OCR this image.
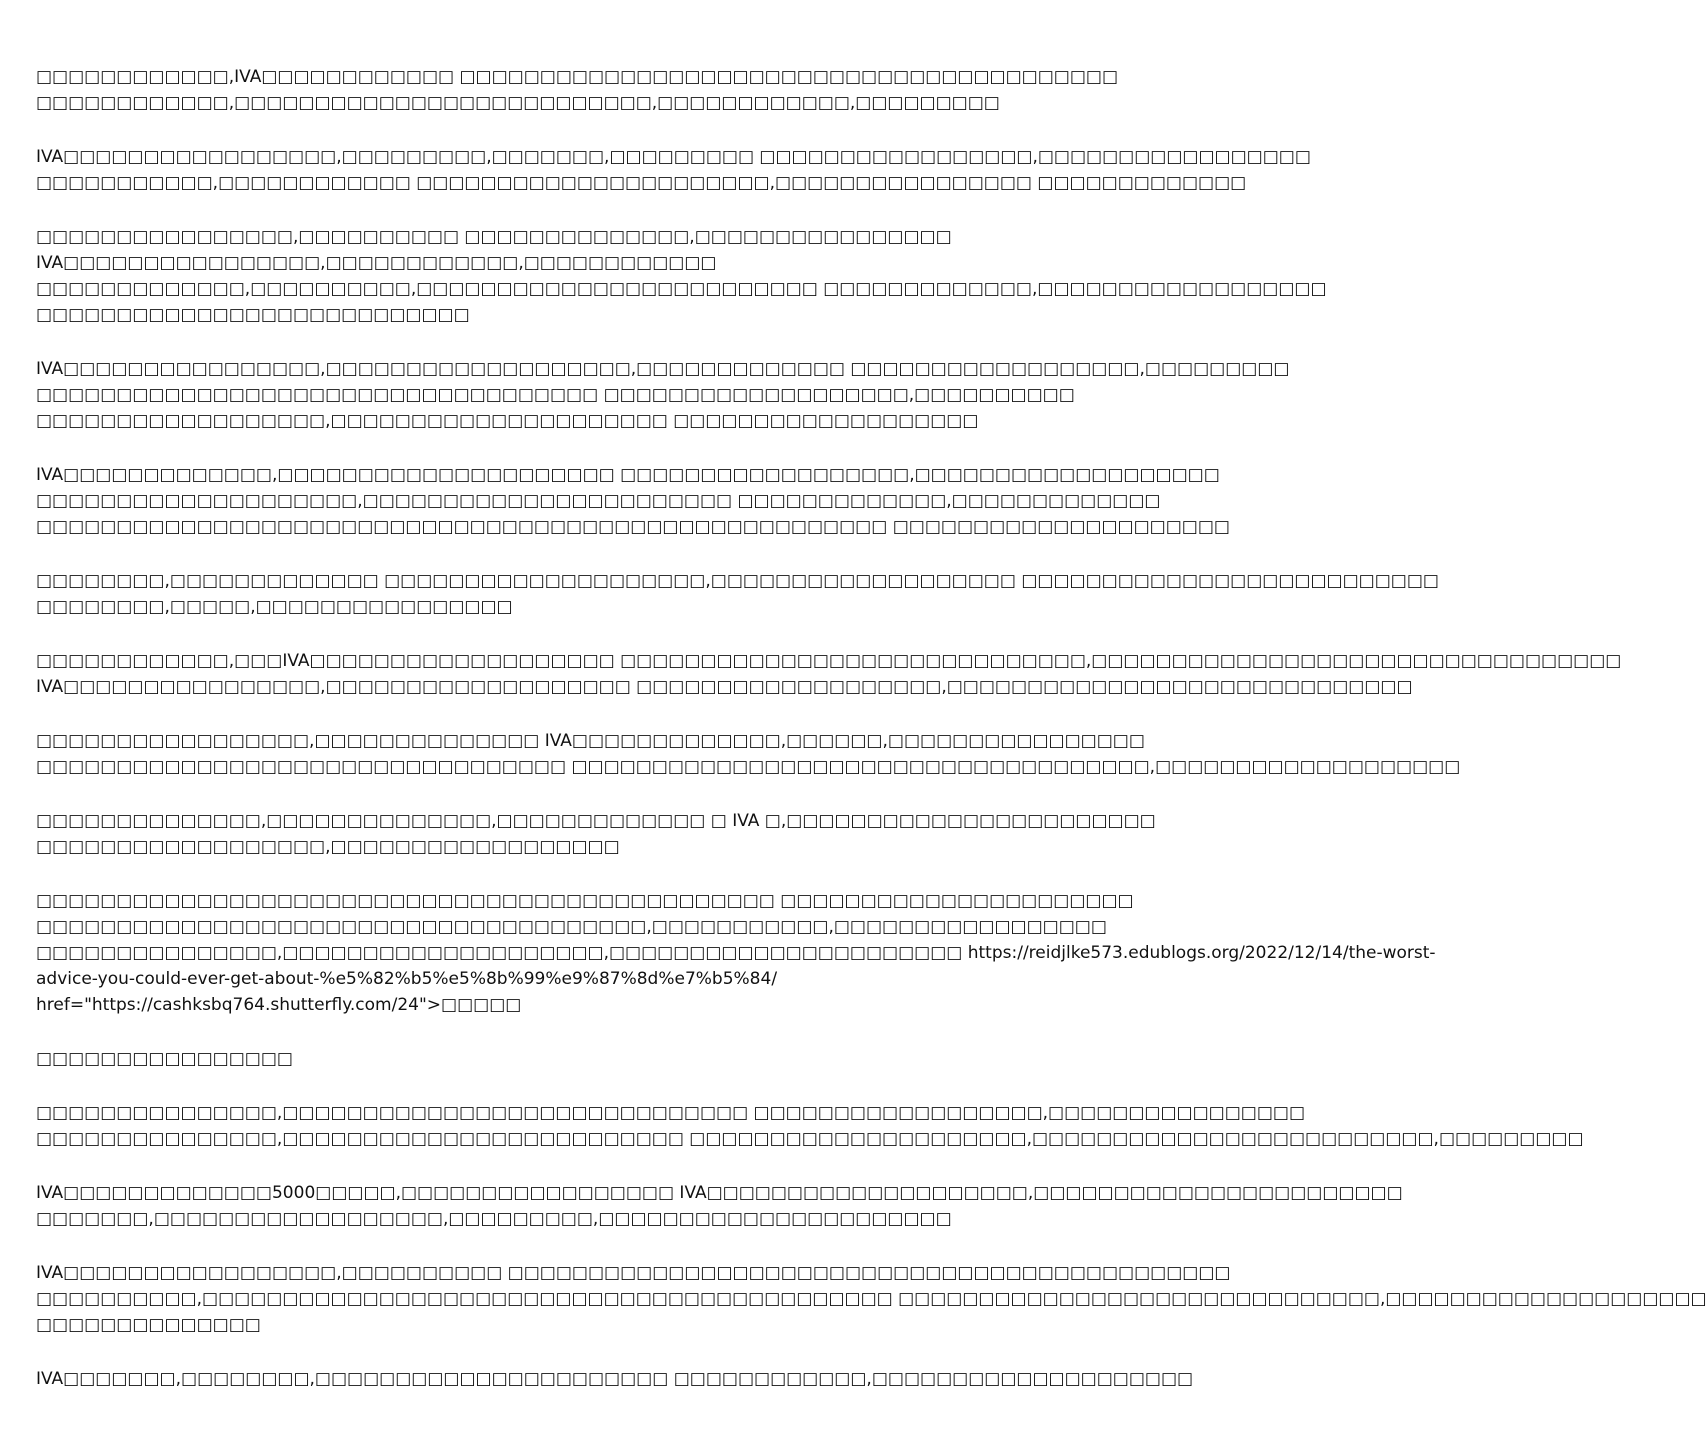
□□□□□□□□□□□□,IVA□□□□□□□□□□□□ □□□□□□□□□□□□□□□□□□□□□□□□□□□□□□□□□□□□□□□□□
□□□□□□□□□□□□,□□□□□□□□□□□□□□□□□□□□□□□□□□,□□□□□□□□□□□□,□□□□□□□□□

IVA□□□□□□□□□□□□□□□□□,□□□□□□□□□,□□□□□□□,□□□□□□□□□ □□□□□□□□□□□□□□□□□,□□□□□□□□□□□□□□□□□
□□□□□□□□□□□,□□□□□□□□□□□□ □□□□□□□□□□□□□□□□□□□□□□,□□□□□□□□□□□□□□□□ □□□□□□□□□□□□□

□□□□□□□□□□□□□□□□,□□□□□□□□□□ □□□□□□□□□□□□□□,□□□□□□□□□□□□□□□□
IVA□□□□□□□□□□□□□□□□,□□□□□□□□□□□□,□□□□□□□□□□□□
□□□□□□□□□□□□□,□□□□□□□□□□,□□□□□□□□□□□□□□□□□□□□□□□□□ □□□□□□□□□□□□□,□□□□□□□□□□□□□□□□□□
□□□□□□□□□□□□□□□□□□□□□□□□□□□

IVA□□□□□□□□□□□□□□□□,□□□□□□□□□□□□□□□□□□□,□□□□□□□□□□□□□ □□□□□□□□□□□□□□□□□□,□□□□□□□□□
□□□□□□□□□□□□□□□□□□□□□□□□□□□□□□□□□□□ □□□□□□□□□□□□□□□□□□□,□□□□□□□□□□
□□□□□□□□□□□□□□□□□□,□□□□□□□□□□□□□□□□□□□□□ □□□□□□□□□□□□□□□□□□□

IVA□□□□□□□□□□□□□,□□□□□□□□□□□□□□□□□□□□□ □□□□□□□□□□□□□□□□□□,□□□□□□□□□□□□□□□□□□□
□□□□□□□□□□□□□□□□□□□□,□□□□□□□□□□□□□□□□□□□□□□□ □□□□□□□□□□□□□,□□□□□□□□□□□□□
□□□□□□□□□□□□□□□□□□□□□□□□□□□□□□□□□□□□□□□□□□□□□□□□□□□□□ □□□□□□□□□□□□□□□□□□□□□

□□□□□□□□,□□□□□□□□□□□□□ □□□□□□□□□□□□□□□□□□□□,□□□□□□□□□□□□□□□□□□□ □□□□□□□□□□□□□□□□□□□□□□□□□□
□□□□□□□□,□□□□□,□□□□□□□□□□□□□□□□

□□□□□□□□□□□□,□□□IVA□□□□□□□□□□□□□□□□□□□ □□□□□□□□□□□□□□□□□□□□□□□□□□□□□,□□□□□□□□□□□□□□□□□□□□□□□□□□□□□□□□□
IVA□□□□□□□□□□□□□□□□,□□□□□□□□□□□□□□□□□□□ □□□□□□□□□□□□□□□□□□□,□□□□□□□□□□□□□□□□□□□□□□□□□□□□□

□□□□□□□□□□□□□□□□□,□□□□□□□□□□□□□□ IVA□□□□□□□□□□□□□,□□□□□□,□□□□□□□□□□□□□□□□
□□□□□□□□□□□□□□□□□□□□□□□□□□□□□□□□□ □□□□□□□□□□□□□□□□□□□□□□□□□□□□□□□□□□□□,□□□□□□□□□□□□□□□□□□□

□□□□□□□□□□□□□□,□□□□□□□□□□□□□□,□□□□□□□□□□□□□ □ IVA □,□□□□□□□□□□□□□□□□□□□□□□□
□□□□□□□□□□□□□□□□□□,□□□□□□□□□□□□□□□□□□

□□□□□□□□□□□□□□□□□□□□□□□□□□□□□□□□□□□□□□□□□□□□□□ □□□□□□□□□□□□□□□□□□□□□□
□□□□□□□□□□□□□□□□□□□□□□□□□□□□□□□□□□□□□□,□□□□□□□□□□□,□□□□□□□□□□□□□□□□□
□□□□□□□□□□□□□□□,□□□□□□□□□□□□□□□□□□□□,□□□□□□□□□□□□□□□□□□□□□□ https://reidjlke573.edublogs.org/2022/12/14/the-worst-
advice-you-could-ever-get-about-%e5%82%b5%e5%8b%99%e9%87%8d%e7%b5%84/
href="https://cashksbq764.shutterfly.com/24">□□□□□

□□□□□□□□□□□□□□□□

□□□□□□□□□□□□□□□,□□□□□□□□□□□□□□□□□□□□□□□□□□□□□ □□□□□□□□□□□□□□□□□□,□□□□□□□□□□□□□□□□
□□□□□□□□□□□□□□□,□□□□□□□□□□□□□□□□□□□□□□□□□ □□□□□□□□□□□□□□□□□□□□□,□□□□□□□□□□□□□□□□□□□□□□□□□,□□□□□□□□□

IVA□□□□□□□□□□□□□5000□□□□□,□□□□□□□□□□□□□□□□□ IVA□□□□□□□□□□□□□□□□□□□□,□□□□□□□□□□□□□□□□□□□□□□□
□□□□□□□,□□□□□□□□□□□□□□□□□□,□□□□□□□□□,□□□□□□□□□□□□□□□□□□□□□□

IVA□□□□□□□□□□□□□□□□□,□□□□□□□□□□ □□□□□□□□□□□□□□□□□□□□□□□□□□□□□□□□□□□□□□□□□□□□□
□□□□□□□□□□,□□□□□□□□□□□□□□□□□□□□□□□□□□□□□□□□□□□□□□□□□□□ □□□□□□□□□□□□□□□□□□□□□□□□□□□□□□,□□□□□□□□□□□□□□□□□□□□
□□□□□□□□□□□□□□

IVA□□□□□□□,□□□□□□□□,□□□□□□□□□□□□□□□□□□□□□□ □□□□□□□□□□□□,□□□□□□□□□□□□□□□□□□□□
